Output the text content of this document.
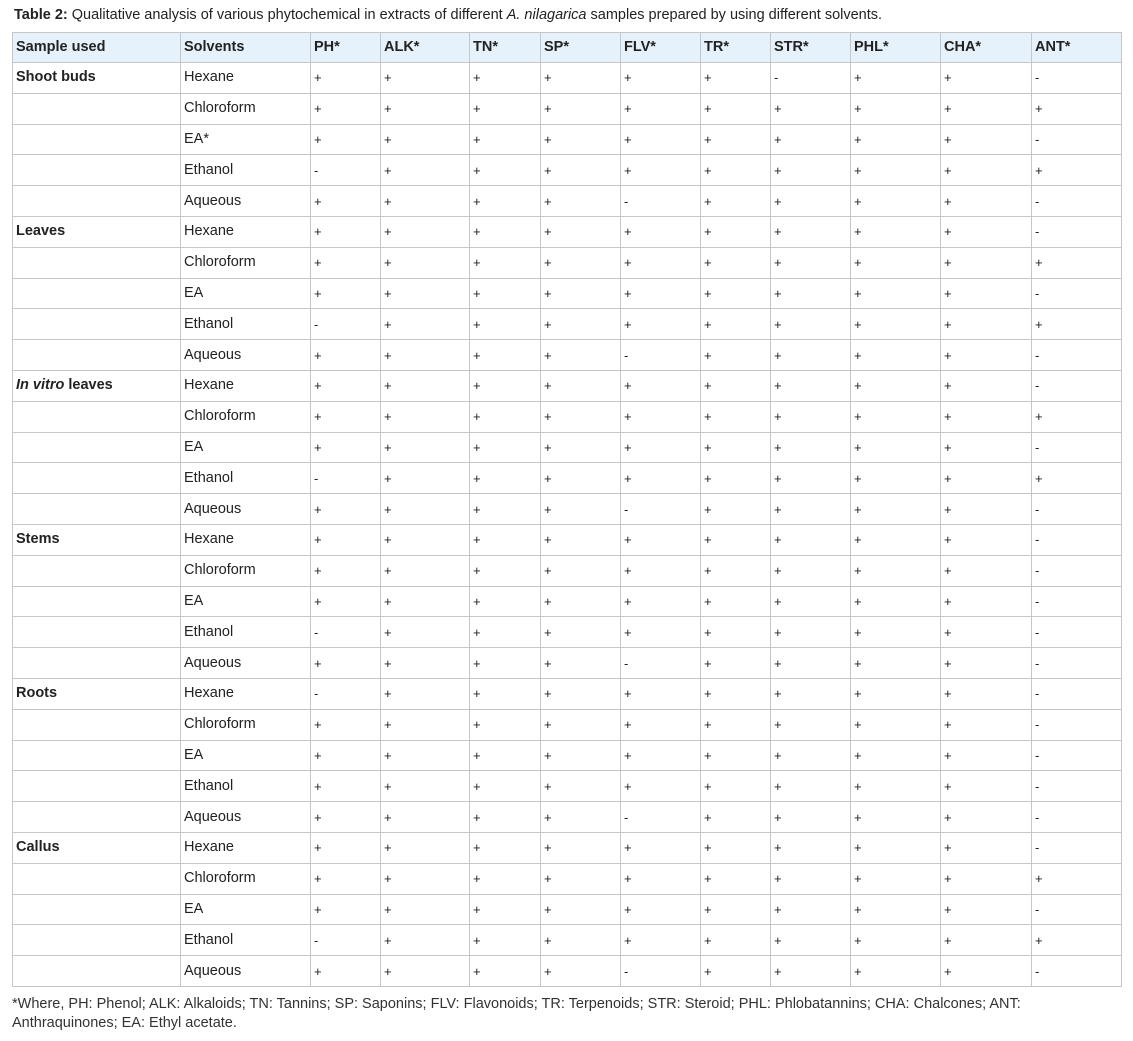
Table 2: Qualitative analysis of various phytochemical in extracts of different A. nilagarica samples prepared by using different solvents.
Sample used	Solvents	PH*	ALK*	TN*	SP*	FLV*	TR*	STR*	PHL*	CHA*	ANT*
Shoot buds	Hexane	+	+	+	+	+	+	-	+	+	-
	Chloroform	+	+	+	+	+	+	+	+	+	+
	EA*	+	+	+	+	+	+	+	+	+	-
	Ethanol	-	+	+	+	+	+	+	+	+	+
	Aqueous	+	+	+	+	-	+	+	+	+	-
Leaves	Hexane	+	+	+	+	+	+	+	+	+	-
	Chloroform	+	+	+	+	+	+	+	+	+	+
	EA	+	+	+	+	+	+	+	+	+	-
	Ethanol	-	+	+	+	+	+	+	+	+	+
	Aqueous	+	+	+	+	-	+	+	+	+	-
In vitro leaves	Hexane	+	+	+	+	+	+	+	+	+	-
	Chloroform	+	+	+	+	+	+	+	+	+	+
	EA	+	+	+	+	+	+	+	+	+	-
	Ethanol	-	+	+	+	+	+	+	+	+	+
	Aqueous	+	+	+	+	-	+	+	+	+	-
Stems	Hexane	+	+	+	+	+	+	+	+	+	-
	Chloroform	+	+	+	+	+	+	+	+	+	-
	EA	+	+	+	+	+	+	+	+	+	-
	Ethanol	-	+	+	+	+	+	+	+	+	-
	Aqueous	+	+	+	+	-	+	+	+	+	-
Roots	Hexane	-	+	+	+	+	+	+	+	+	-
	Chloroform	+	+	+	+	+	+	+	+	+	-
	EA	+	+	+	+	+	+	+	+	+	-
	Ethanol	+	+	+	+	+	+	+	+	+	-
	Aqueous	+	+	+	+	-	+	+	+	+	-
Callus	Hexane	+	+	+	+	+	+	+	+	+	-
	Chloroform	+	+	+	+	+	+	+	+	+	+
	EA	+	+	+	+	+	+	+	+	+	-
	Ethanol	-	+	+	+	+	+	+	+	+	+
	Aqueous	+	+	+	+	-	+	+	+	+	-
*Where, PH: Phenol; ALK: Alkaloids; TN: Tannins; SP: Saponins; FLV: Flavonoids; TR: Terpenoids; STR: Steroid; PHL: Phlobatannins; CHA: Chalcones; ANT: Anthraquinones; EA: Ethyl acetate.
